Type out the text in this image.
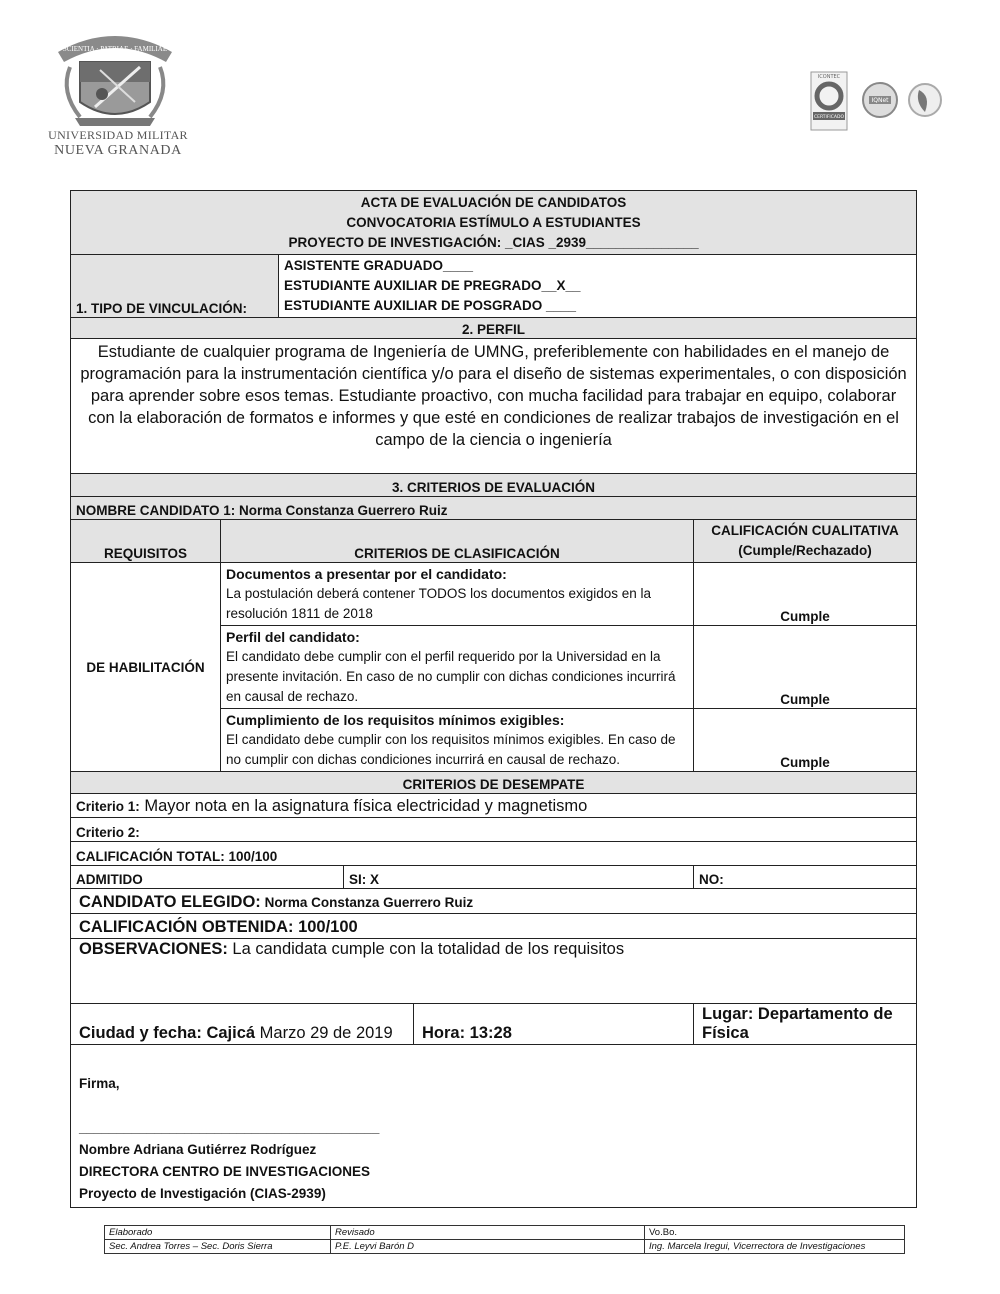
SCIENTIA · PATRIAE · FAMILIAE
UNIVERSIDAD MILITAR
NUEVA GRANADA
ICONTEC
CERTIFICADO
IQNet
ACTA DE EVALUACIÓN DE CANDIDATOS
CONVOCATORIA ESTÍMULO A ESTUDIANTES
PROYECTO DE INVESTIGACIÓN: _CIAS _2939_______________					

1. TIPO DE VINCULACIÓN:		ASISTENTE GRADUADO____
ESTUDIANTE AUXILIAR DE PREGRADO__X__
ESTUDIANTE AUXILIAR DE POSGRADO ____			

2. PERFIL					
Estudiante de cualquier programa de Ingeniería de UMNG, preferiblemente con habilidades en el manejo de programación para la instrumentación científica y/o para el diseño de sistemas experimentales, o con disposición para aprender sobre esos temas. Estudiante proactivo, con mucha facilidad para trabajar en equipo, colaborar con la elaboración de formatos e informes y que esté en condiciones de realizar trabajos de investigación en el campo de la ciencia o ingeniería					
3. CRITERIOS DE EVALUACIÓN					
NOMBRE CANDIDATO 1: Norma Constanza Guerrero Ruiz					
REQUISITOS	CRITERIOS DE CLASIFICACIÓN				CALIFICACIÓN CUALITATIVA
(Cumple/Rechazado)

DE HABILITACIÓN	Documentos a presentar por el candidato:
La postulación deberá contener TODOS los documentos exigidos en la resolución 1811 de 2018				Cumple

	Perfil del candidato:
El candidato debe cumplir con el perfil requerido por la Universidad en la presente invitación. En caso de no cumplir con dichas condiciones incurrirá en causal de rechazo.				Cumple

	Cumplimiento de los requisitos mínimos exigibles:
El candidato debe cumplir con los requisitos mínimos exigibles. En caso de no cumplir con dichas condiciones incurrirá en causal de rechazo.				Cumple
CRITERIOS DE DESEMPATE					
Criterio 1: Mayor nota en la asignatura física electricidad y magnetismo					
Criterio 2:					
CALIFICACIÓN TOTAL: 100/100					
ADMITIDO			SI: X		NO:
CANDIDATO ELEGIDO: Norma Constanza Guerrero Ruiz					
CALIFICACIÓN OBTENIDA: 100/100					
OBSERVACIONES: La candidata cumple con la totalidad de los requisitos					
Ciudad y fecha: Cajicá Marzo 29 de 2019				Hora: 13:28	Lugar: Departamento de Física

Firma,
________________________________________
Nombre Adriana Gutiérrez Rodríguez
DIRECTORA CENTRO DE INVESTIGACIONES
Proyecto de Investigación (CIAS-2939)					
Elaborado	Revisado	Vo.Bo.
Sec. Andrea Torres – Sec. Doris Sierra	P.E. Leyvi Barón D	Ing. Marcela Iregui, Vicerrectora de Investigaciones
